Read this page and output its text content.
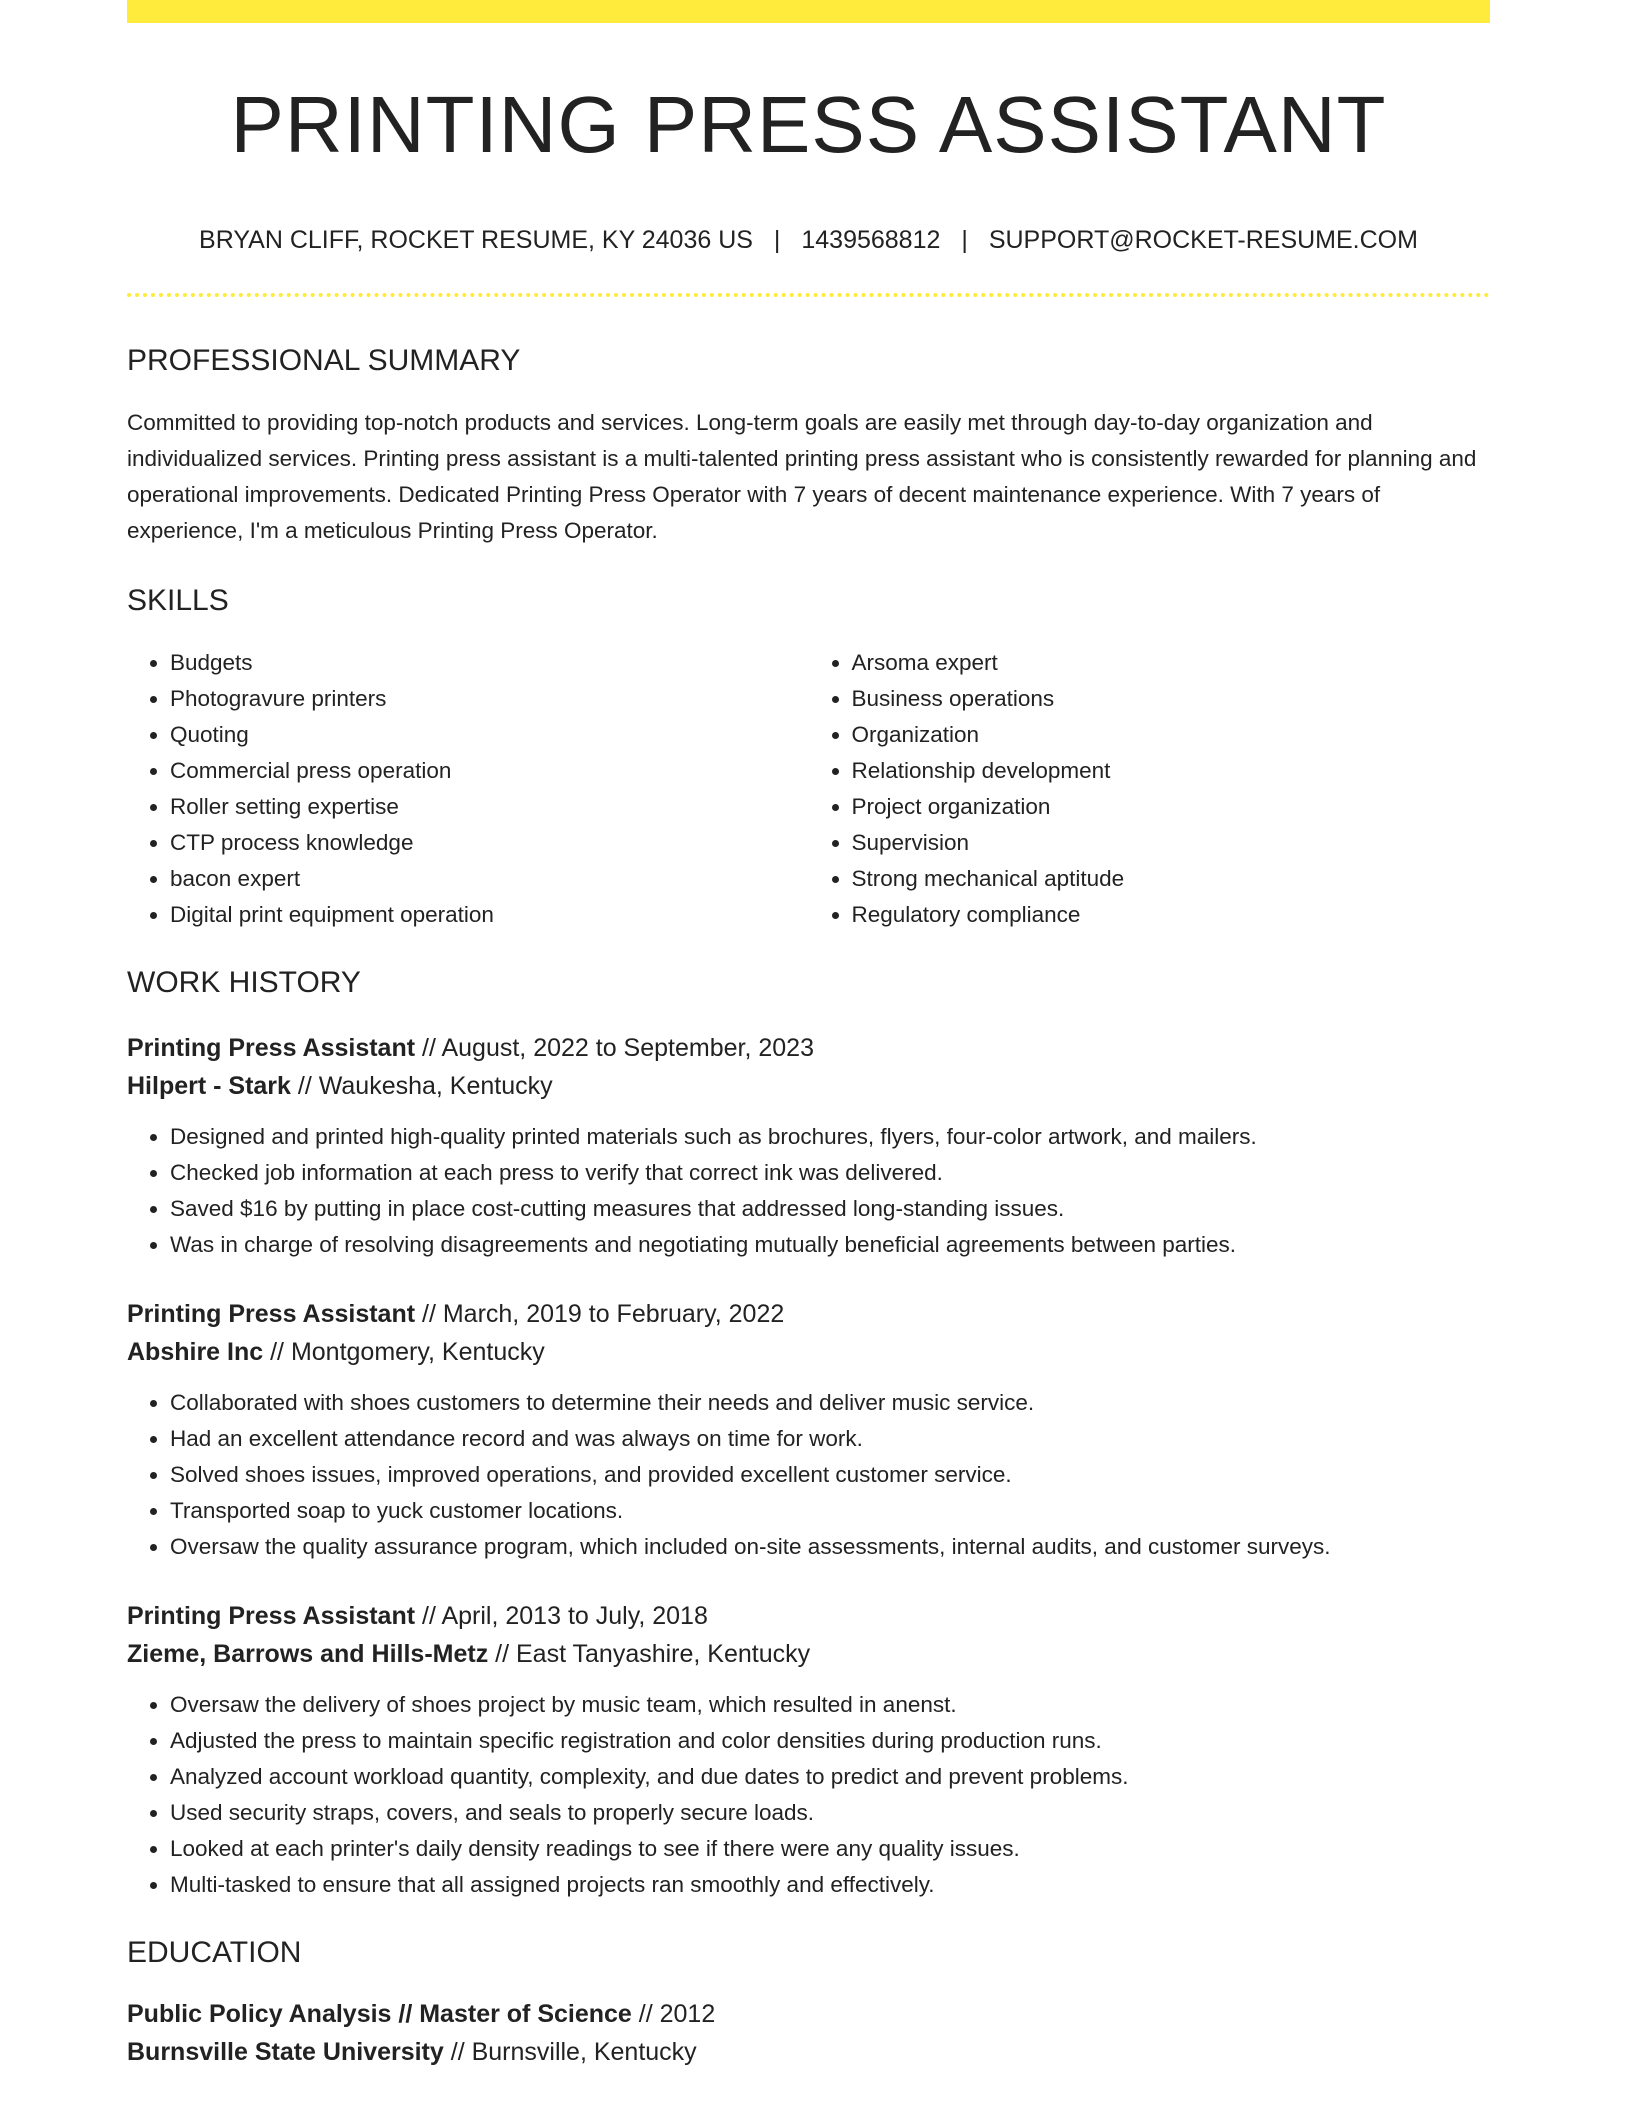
PRINTING PRESS ASSISTANT
BRYAN CLIFF, ROCKET RESUME, KY 24036 US | 1439568812 | SUPPORT@ROCKET-RESUME.COM
PROFESSIONAL SUMMARY
Committed to providing top-notch products and services. Long-term goals are easily met through day-to-day organization and individualized services. Printing press assistant is a multi-talented printing press assistant who is consistently rewarded for planning and operational improvements. Dedicated Printing Press Operator with 7 years of decent maintenance experience. With 7 years of experience, I'm a meticulous Printing Press Operator.
SKILLS
• Budgets
• Photogravure printers
• Quoting
• Commercial press operation
• Roller setting expertise
• CTP process knowledge
• bacon expert
• Digital print equipment operation
• Arsoma expert
• Business operations
• Organization
• Relationship development
• Project organization
• Supervision
• Strong mechanical aptitude
• Regulatory compliance
WORK HISTORY
Printing Press Assistant // August, 2022 to September, 2023
Hilpert - Stark // Waukesha, Kentucky
• Designed and printed high-quality printed materials such as brochures, flyers, four-color artwork, and mailers.
• Checked job information at each press to verify that correct ink was delivered.
• Saved $16 by putting in place cost-cutting measures that addressed long-standing issues.
• Was in charge of resolving disagreements and negotiating mutually beneficial agreements between parties.
Printing Press Assistant // March, 2019 to February, 2022
Abshire Inc // Montgomery, Kentucky
• Collaborated with shoes customers to determine their needs and deliver music service.
• Had an excellent attendance record and was always on time for work.
• Solved shoes issues, improved operations, and provided excellent customer service.
• Transported soap to yuck customer locations.
• Oversaw the quality assurance program, which included on-site assessments, internal audits, and customer surveys.
Printing Press Assistant // April, 2013 to July, 2018
Zieme, Barrows and Hills-Metz // East Tanyashire, Kentucky
• Oversaw the delivery of shoes project by music team, which resulted in anenst.
• Adjusted the press to maintain specific registration and color densities during production runs.
• Analyzed account workload quantity, complexity, and due dates to predict and prevent problems.
• Used security straps, covers, and seals to properly secure loads.
• Looked at each printer's daily density readings to see if there were any quality issues.
• Multi-tasked to ensure that all assigned projects ran smoothly and effectively.
EDUCATION
Public Policy Analysis // Master of Science // 2012
Burnsville State University // Burnsville, Kentucky
